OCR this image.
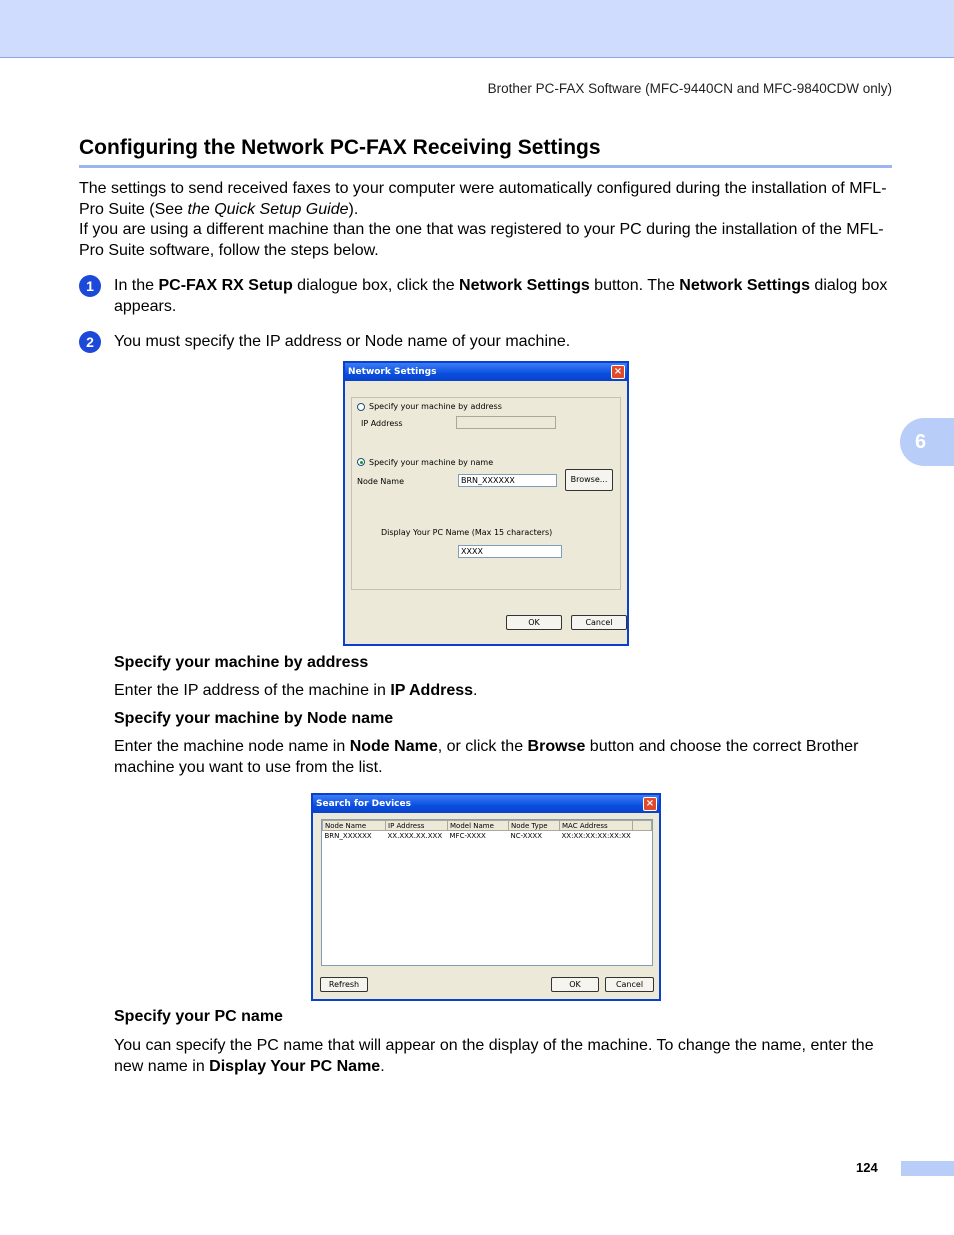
Brother PC-FAX Software (MFC-9440CN and MFC-9840CDW only)
Configuring the Network PC-FAX Receiving Settings
The settings to send received faxes to your computer were automatically configured during the installation of MFL-Pro Suite (See the Quick Setup Guide).
If you are using a different machine than the one that was registered to your PC during the installation of the MFL-Pro Suite software, follow the steps below.
1	In the PC-FAX RX Setup dialogue box, click the Network Settings button. The Network Settings dialog box appears.
2	You must specify the IP address or Node name of your machine.
Network Settings	×
Specify your machine by address
IP Address
Specify your machine by name
Node Name	BRN_XXXXXX	Browse...
Display Your PC Name (Max 15 characters)
XXXX
OK	Cancel
Specify your machine by address
Enter the IP address of the machine in IP Address.
Specify your machine by Node name
Enter the machine node name in Node Name, or click the Browse button and choose the correct Brother machine you want to use from the list.
Search for Devices	×
Node Name	IP Address	Model Name	Node Type	MAC Address	
BRN_XXXXXX	XX.XXX.XX.XXX	MFC-XXXX	NC-XXXX	XX:XX:XX:XX:XX:XX	
Refresh	OK	Cancel
Specify your PC name
You can specify the PC name that will appear on the display of the machine. To change the name, enter the new name in Display Your PC Name.
6
124
